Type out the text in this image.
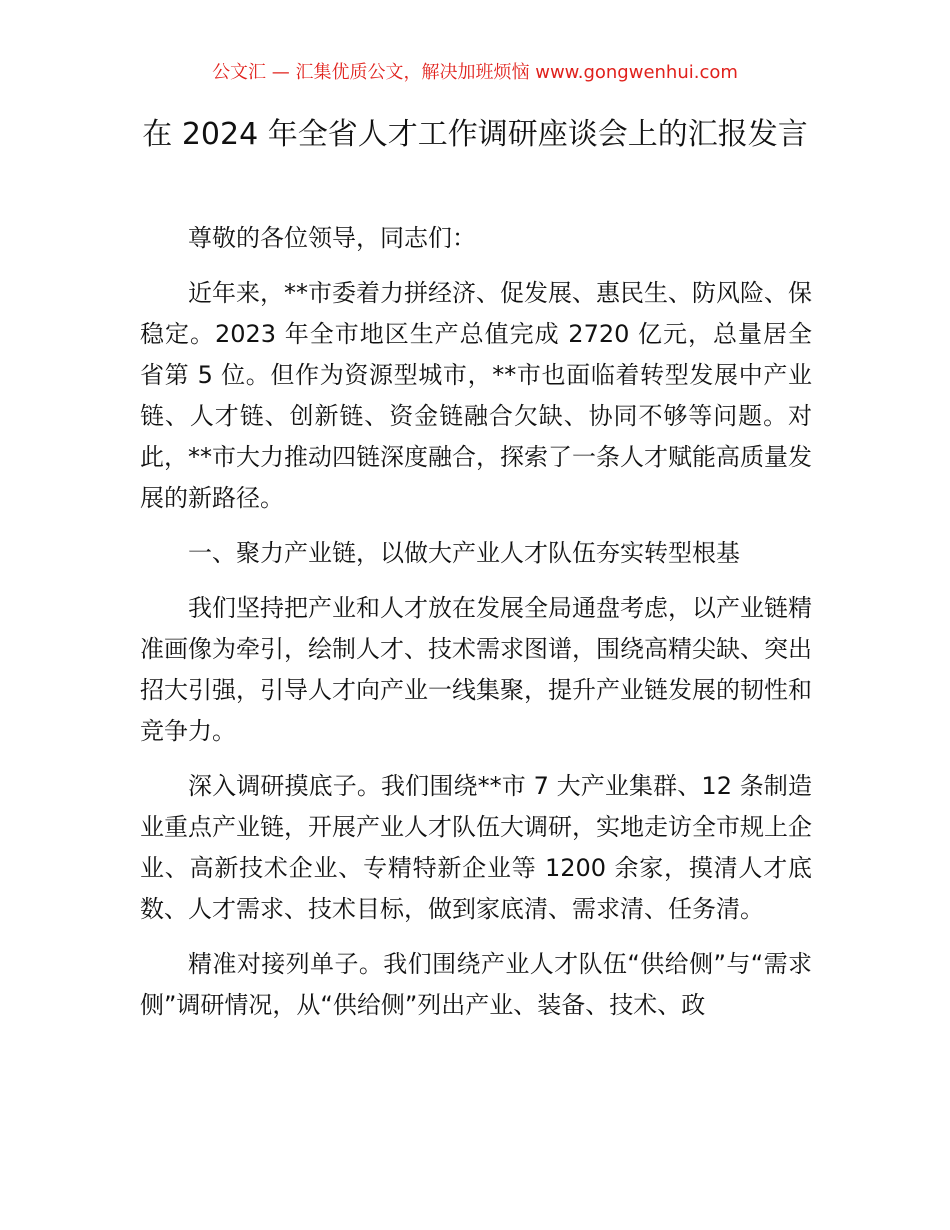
公文汇 — 汇集优质公文，解决加班烦恼 www.gongwenhui.com
在 2024 年全省人才工作调研座谈会上的汇报发言

尊敬的各位领导，同志们：

近年来，**市委着力拼经济、促发展、惠民生、防风险、保稳定。2023 年全市地区生产总值完成 2720 亿元，总量居全省第 5 位。但作为资源型城市，**市也面临着转型发展中产业链、人才链、创新链、资金链融合欠缺、协同不够等问题。对此，**市大力推动四链深度融合，探索了一条人才赋能高质量发展的新路径。

一、聚力产业链，以做大产业人才队伍夯实转型根基

我们坚持把产业和人才放在发展全局通盘考虑，以产业链精准画像为牵引，绘制人才、技术需求图谱，围绕高精尖缺、突出招大引强，引导人才向产业一线集聚，提升产业链发展的韧性和竞争力。

深入调研摸底子。我们围绕**市 7 大产业集群、12 条制造业重点产业链，开展产业人才队伍大调研，实地走访全市规上企业、高新技术企业、专精特新企业等 1200 余家，摸清人才底数、人才需求、技术目标，做到家底清、需求清、任务清。

精准对接列单子。我们围绕产业人才队伍“供给侧”与“需求侧”调研情况，从“供给侧”列出产业、装备、技术、政
